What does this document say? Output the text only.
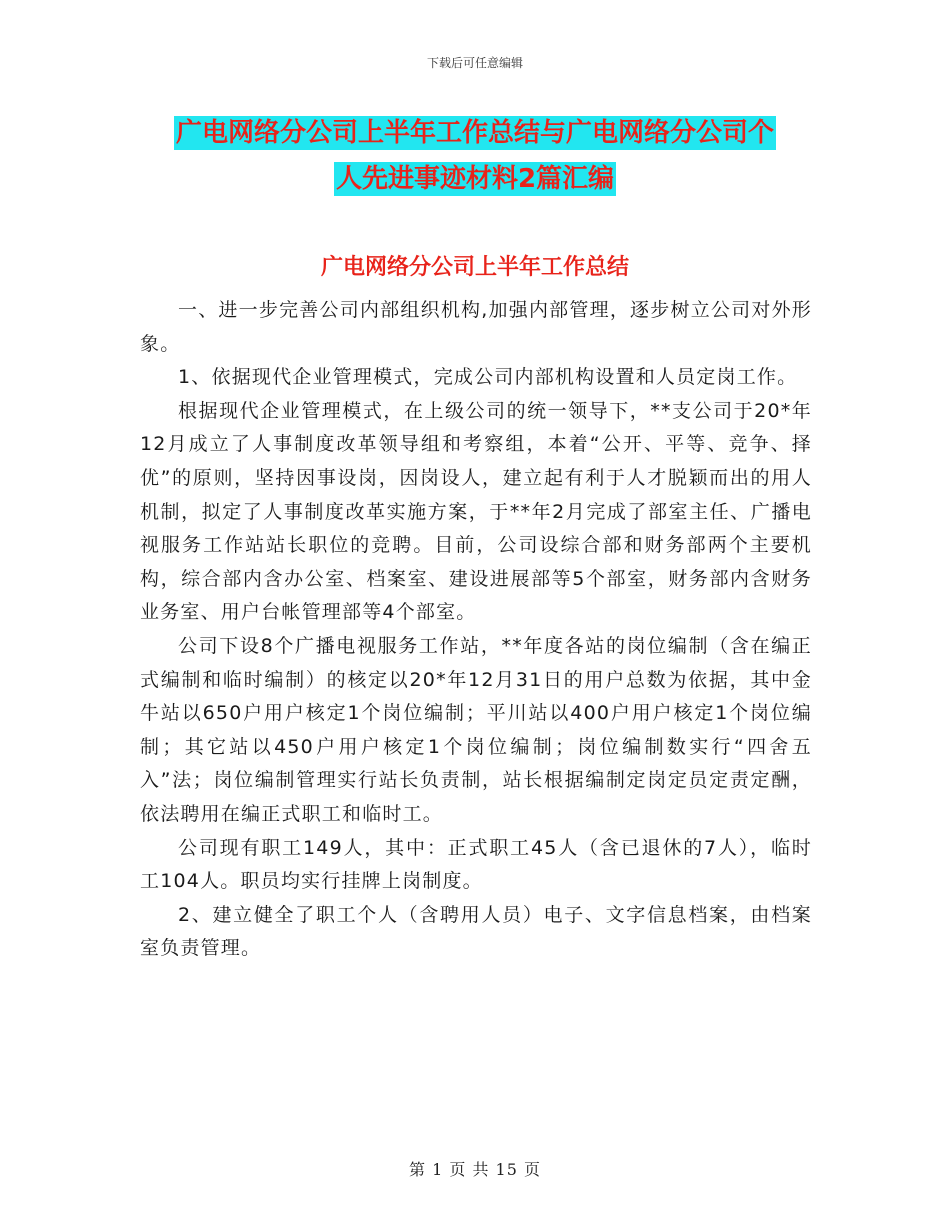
下载后可任意编辑
广电网络分公司上半年工作总结与广电网络分公司个
人先进事迹材料2篇汇编
广电网络分公司上半年工作总结

一、进一步完善公司内部组织机构,加强内部管理，逐步树立公司对外形象。

1、依据现代企业管理模式，完成公司内部机构设置和人员定岗工作。

根据现代企业管理模式，在上级公司的统一领导下，**支公司于20*年12月成立了人事制度改革领导组和考察组，本着“公开、平等、竞争、择优”的原则，坚持因事设岗，因岗设人，建立起有利于人才脱颖而出的用人机制，拟定了人事制度改革实施方案，于**年2月完成了部室主任、广播电视服务工作站站长职位的竞聘。目前，公司设综合部和财务部两个主要机构，综合部内含办公室、档案室、建设进展部等5个部室，财务部内含财务业务室、用户台帐管理部等4个部室。

公司下设8个广播电视服务工作站，**年度各站的岗位编制（含在编正式编制和临时编制）的核定以20*年12月31日的用户总数为依据，其中金牛站以650户用户核定1个岗位编制；平川站以400户用户核定1个岗位编制；其它站以450户用户核定1个岗位编制；岗位编制数实行“四舍五入”法；岗位编制管理实行站长负责制，站长根据编制定岗定员定责定酬，依法聘用在编正式职工和临时工。

公司现有职工149人，其中：正式职工45人（含已退休的7人），临时工104人。职员均实行挂牌上岗制度。

2、建立健全了职工个人（含聘用人员）电子、文字信息档案，由档案室负责管理。

第 1 页 共 15 页
